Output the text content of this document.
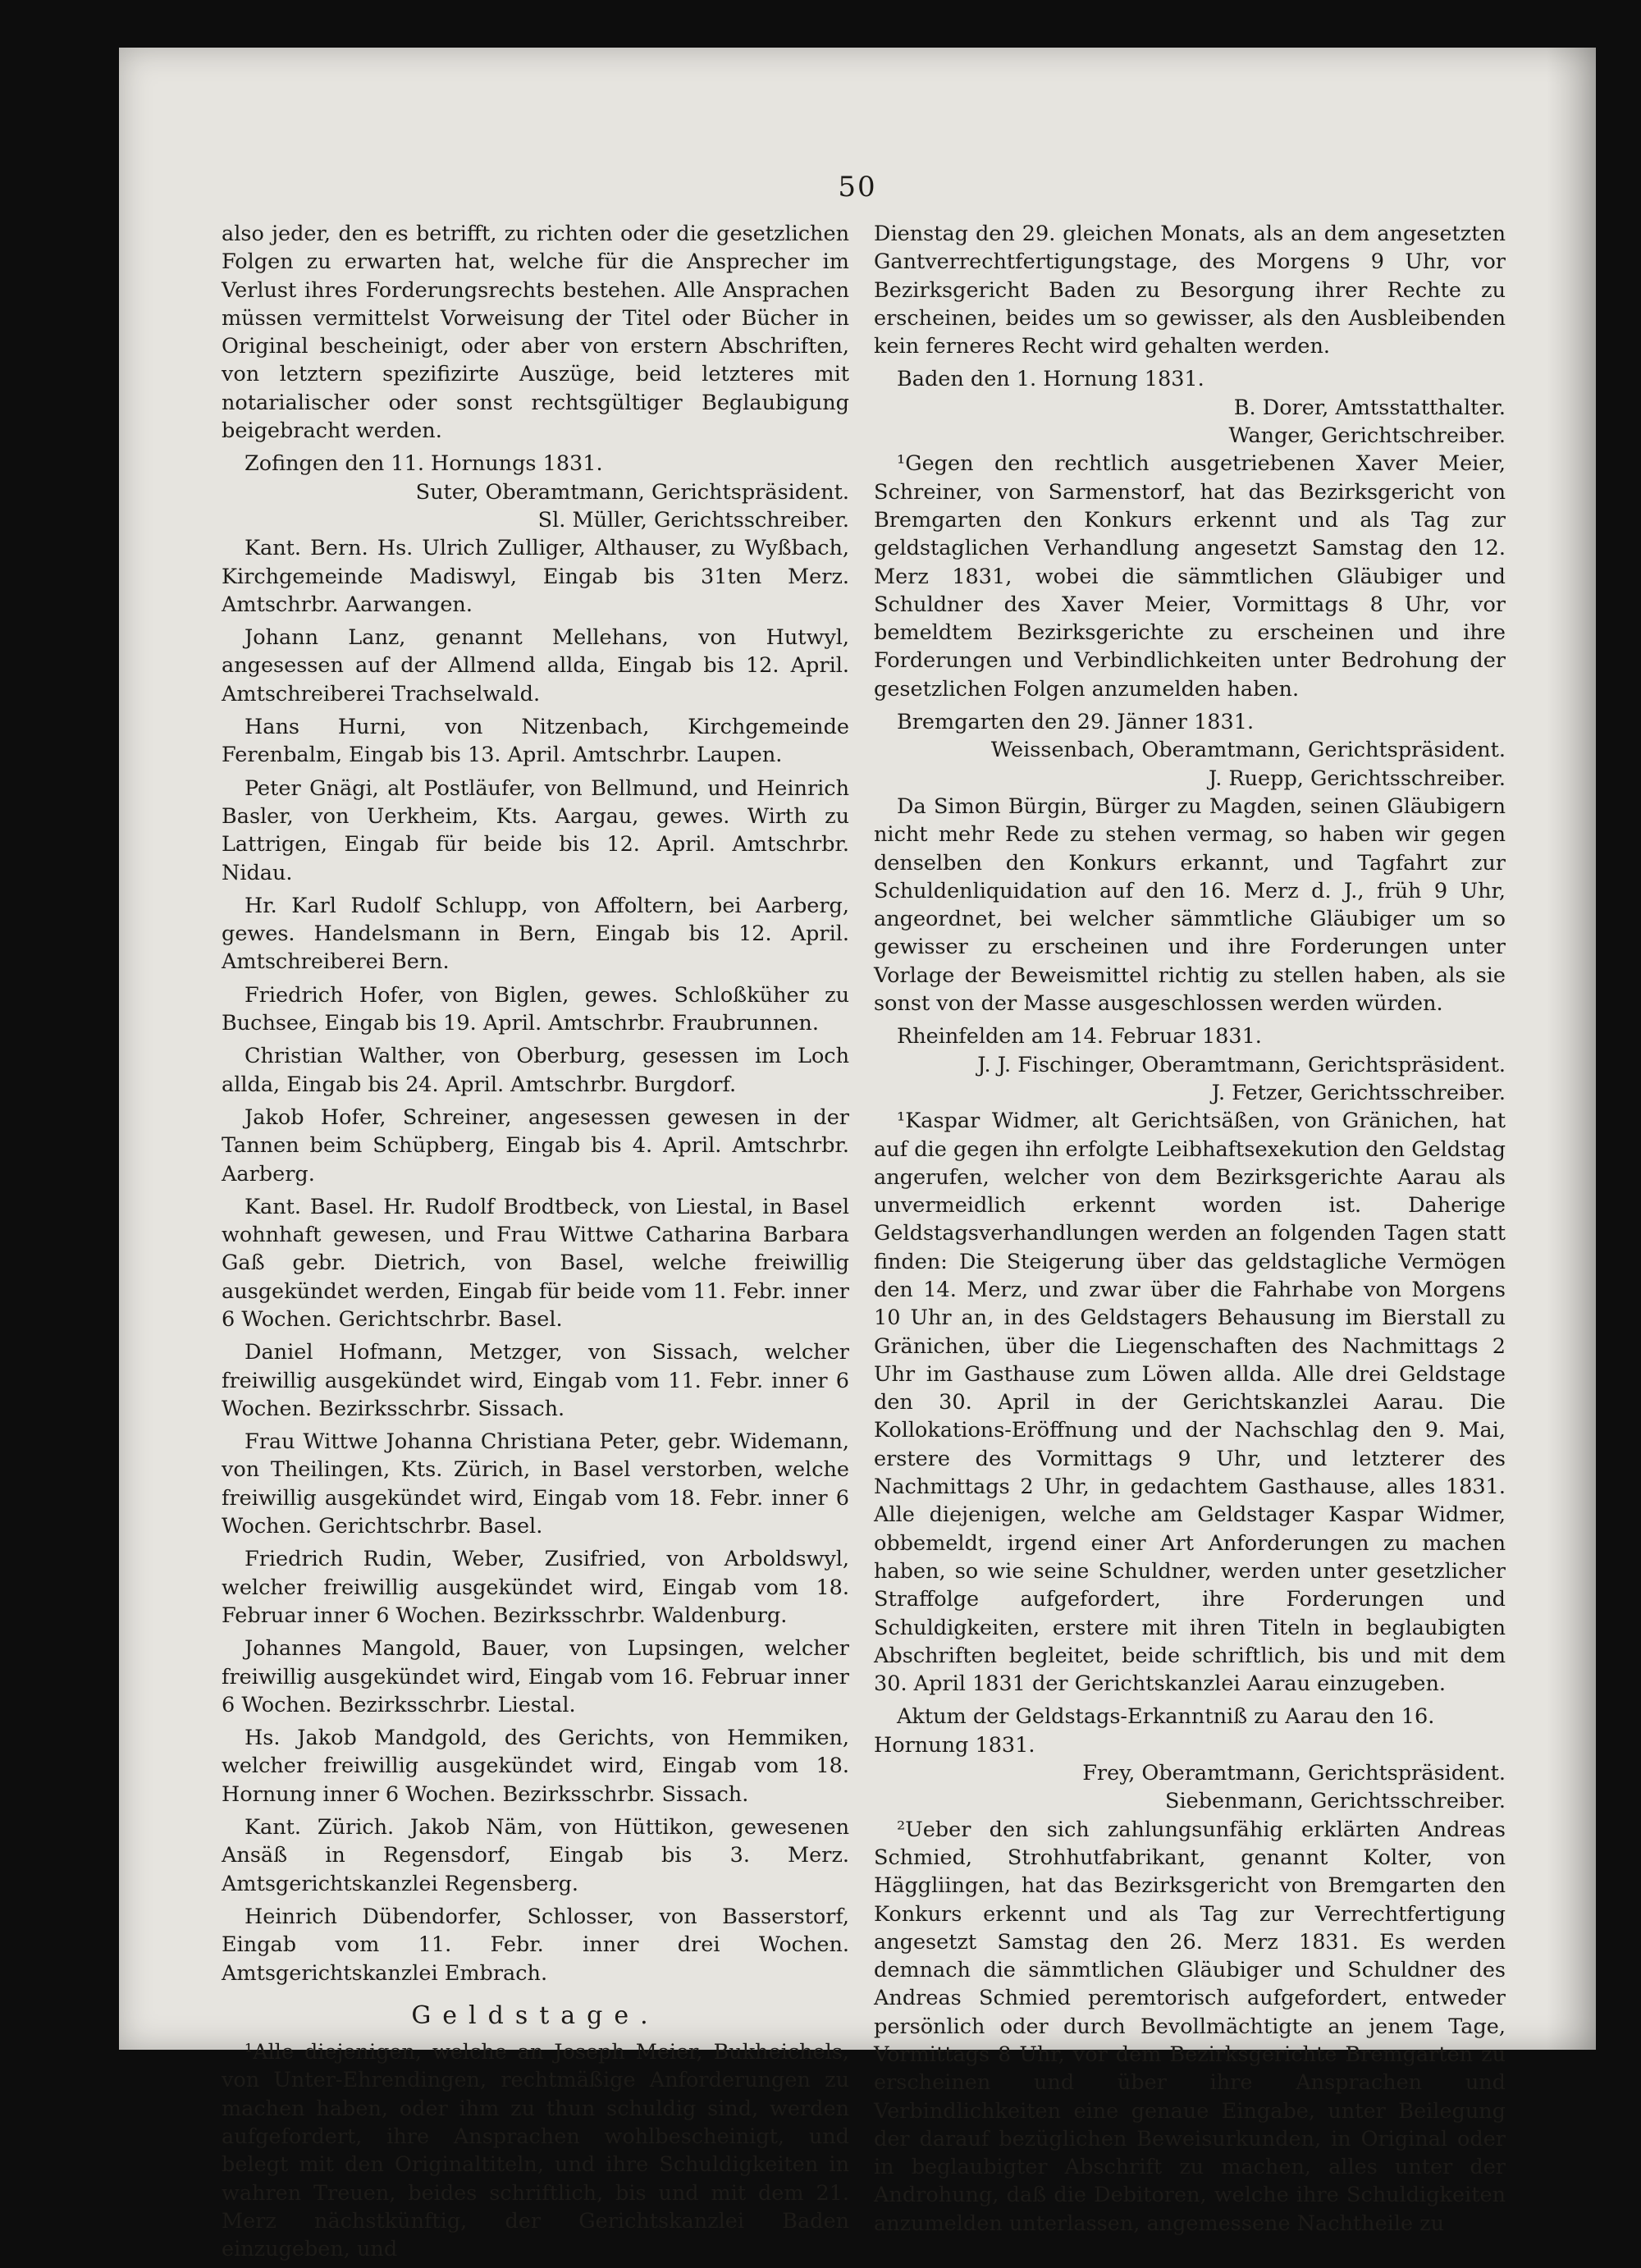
50

also jeder, den es betrifft, zu richten oder die gesetzlichen Folgen zu erwarten hat, welche für die Ansprecher im Verlust ihres Forderungsrechts bestehen. Alle Ansprachen müssen vermittelst Vorweisung der Titel oder Bücher in Original bescheinigt, oder aber von erstern Abschriften, von letztern spezifizirte Auszüge, beid letzteres mit notarialischer oder sonst rechtsgültiger Beglaubigung beigebracht werden.

Zofingen den 11. Hornungs 1831.
Suter, Oberamtmann, Gerichtspräsident.
Sl. Müller, Gerichtsschreiber.

Kant. Bern. Hs. Ulrich Zulliger, Althauser, zu Wyßbach, Kirchgemeinde Madiswyl, Eingab bis 31ten Merz. Amtschrbr. Aarwangen.

Johann Lanz, genannt Mellehans, von Hutwyl, angesessen auf der Allmend allda, Eingab bis 12. April. Amtschreiberei Trachselwald.

Hans Hurni, von Nitzenbach, Kirchgemeinde Ferenbalm, Eingab bis 13. April. Amtschrbr. Laupen.

Peter Gnägi, alt Postläufer, von Bellmund, und Heinrich Basler, von Uerkheim, Kts. Aargau, gewes. Wirth zu Lattrigen, Eingab für beide bis 12. April. Amtschrbr. Nidau.

Hr. Karl Rudolf Schlupp, von Affoltern, bei Aarberg, gewes. Handelsmann in Bern, Eingab bis 12. April. Amtschreiberei Bern.

Friedrich Hofer, von Biglen, gewes. Schloßküher zu Buchsee, Eingab bis 19. April. Amtschrbr. Fraubrunnen.

Christian Walther, von Oberburg, gesessen im Loch allda, Eingab bis 24. April. Amtschrbr. Burgdorf.

Jakob Hofer, Schreiner, angesessen gewesen in der Tannen beim Schüpberg, Eingab bis 4. April. Amtschrbr. Aarberg.

Kant. Basel. Hr. Rudolf Brodtbeck, von Liestal, in Basel wohnhaft gewesen, und Frau Wittwe Catharina Barbara Gaß gebr. Dietrich, von Basel, welche freiwillig ausgekündet werden, Eingab für beide vom 11. Febr. inner 6 Wochen. Gerichtschrbr. Basel.

Daniel Hofmann, Metzger, von Sissach, welcher freiwillig ausgekündet wird, Eingab vom 11. Febr. inner 6 Wochen. Bezirksschrbr. Sissach.

Frau Wittwe Johanna Christiana Peter, gebr. Widemann, von Theilingen, Kts. Zürich, in Basel verstorben, welche freiwillig ausgekündet wird, Eingab vom 18. Febr. inner 6 Wochen. Gerichtschrbr. Basel.

Friedrich Rudin, Weber, Zusifried, von Arboldswyl, welcher freiwillig ausgekündet wird, Eingab vom 18. Februar inner 6 Wochen. Bezirksschrbr. Waldenburg.

Johannes Mangold, Bauer, von Lupsingen, welcher freiwillig ausgekündet wird, Eingab vom 16. Februar inner 6 Wochen. Bezirksschrbr. Liestal.

Hs. Jakob Mandgold, des Gerichts, von Hemmiken, welcher freiwillig ausgekündet wird, Eingab vom 18. Hornung inner 6 Wochen. Bezirksschrbr. Sissach.

Kant. Zürich. Jakob Näm, von Hüttikon, gewesenen Ansäß in Regensdorf, Eingab bis 3. Merz. Amtsgerichtskanzlei Regensberg.

Heinrich Dübendorfer, Schlosser, von Basserstorf, Eingab vom 11. Febr. inner drei Wochen. Amtsgerichtskanzlei Embrach.

Geldstage.

¹Alle diejenigen, welche an Joseph Meier, Bukheichels, von Unter-Ehrendingen, rechtmäßige Anforderungen zu machen haben, oder ihm zu thun schuldig sind, werden aufgefordert, ihre Ansprachen wohlbescheinigt, und belegt mit den Originaltiteln, und ihre Schuldigkeiten in wahren Treuen, beides schriftlich, bis und mit dem 21. Merz nächstkünftig, der Gerichtskanzlei Baden einzugeben, und

Dienstag den 29. gleichen Monats, als an dem angesetzten Gantverrechtfertigungstage, des Morgens 9 Uhr, vor Bezirksgericht Baden zu Besorgung ihrer Rechte zu erscheinen, beides um so gewisser, als den Ausbleibenden kein ferneres Recht wird gehalten werden.

Baden den 1. Hornung 1831.
B. Dorer, Amtsstatthalter.
Wanger, Gerichtschreiber.

¹Gegen den rechtlich ausgetriebenen Xaver Meier, Schreiner, von Sarmenstorf, hat das Bezirksgericht von Bremgarten den Konkurs erkennt und als Tag zur geldstaglichen Verhandlung angesetzt Samstag den 12. Merz 1831, wobei die sämmtlichen Gläubiger und Schuldner des Xaver Meier, Vormittags 8 Uhr, vor bemeldtem Bezirksgerichte zu erscheinen und ihre Forderungen und Verbindlichkeiten unter Bedrohung der gesetzlichen Folgen anzumelden haben.

Bremgarten den 29. Jänner 1831.
Weissenbach, Oberamtmann, Gerichtspräsident.
J. Ruepp, Gerichtsschreiber.

Da Simon Bürgin, Bürger zu Magden, seinen Gläubigern nicht mehr Rede zu stehen vermag, so haben wir gegen denselben den Konkurs erkannt, und Tagfahrt zur Schuldenliquidation auf den 16. Merz d. J., früh 9 Uhr, angeordnet, bei welcher sämmtliche Gläubiger um so gewisser zu erscheinen und ihre Forderungen unter Vorlage der Beweismittel richtig zu stellen haben, als sie sonst von der Masse ausgeschlossen werden würden.

Rheinfelden am 14. Februar 1831.
J. J. Fischinger, Oberamtmann, Gerichtspräsident.
J. Fetzer, Gerichtsschreiber.

¹Kaspar Widmer, alt Gerichtsäßen, von Gränichen, hat auf die gegen ihn erfolgte Leibhaftsexekution den Geldstag angerufen, welcher von dem Bezirksgerichte Aarau als unvermeidlich erkennt worden ist. Daherige Geldstagsverhandlungen werden an folgenden Tagen statt finden: Die Steigerung über das geldstagliche Vermögen den 14. Merz, und zwar über die Fahrhabe von Morgens 10 Uhr an, in des Geldstagers Behausung im Bierstall zu Gränichen, über die Liegenschaften des Nachmittags 2 Uhr im Gasthause zum Löwen allda. Alle drei Geldstage den 30. April in der Gerichtskanzlei Aarau. Die Kollokations-Eröffnung und der Nachschlag den 9. Mai, erstere des Vormittags 9 Uhr, und letzterer des Nachmittags 2 Uhr, in gedachtem Gasthause, alles 1831. Alle diejenigen, welche am Geldstager Kaspar Widmer, obbemeldt, irgend einer Art Anforderungen zu machen haben, so wie seine Schuldner, werden unter gesetzlicher Straffolge aufgefordert, ihre Forderungen und Schuldigkeiten, erstere mit ihren Titeln in beglaubigten Abschriften begleitet, beide schriftlich, bis und mit dem 30. April 1831 der Gerichtskanzlei Aarau einzugeben.

Aktum der Geldstags-Erkanntniß zu Aarau den 16. Hornung 1831.
Frey, Oberamtmann, Gerichtspräsident.
Siebenmann, Gerichtsschreiber.

²Ueber den sich zahlungsunfähig erklärten Andreas Schmied, Strohhutfabrikant, genannt Kolter, von Häggliingen, hat das Bezirksgericht von Bremgarten den Konkurs erkennt und als Tag zur Verrechtfertigung angesetzt Samstag den 26. Merz 1831. Es werden demnach die sämmtlichen Gläubiger und Schuldner des Andreas Schmied peremtorisch aufgefordert, entweder persönlich oder durch Bevollmächtigte an jenem Tage, Vormittags 8 Uhr, vor dem Bezirksgerichte Bremgarten zu erscheinen und über ihre Ansprachen und Verbindlichkeiten eine genaue Eingabe, unter Beilegung der darauf bezüglichen Beweisurkunden, in Original oder in beglaubigter Abschrift zu machen, alles unter der Androhung, daß die Debitoren, welche ihre Schuldigkeiten anzumelden unterlassen, angemessene Nachtheile zu
